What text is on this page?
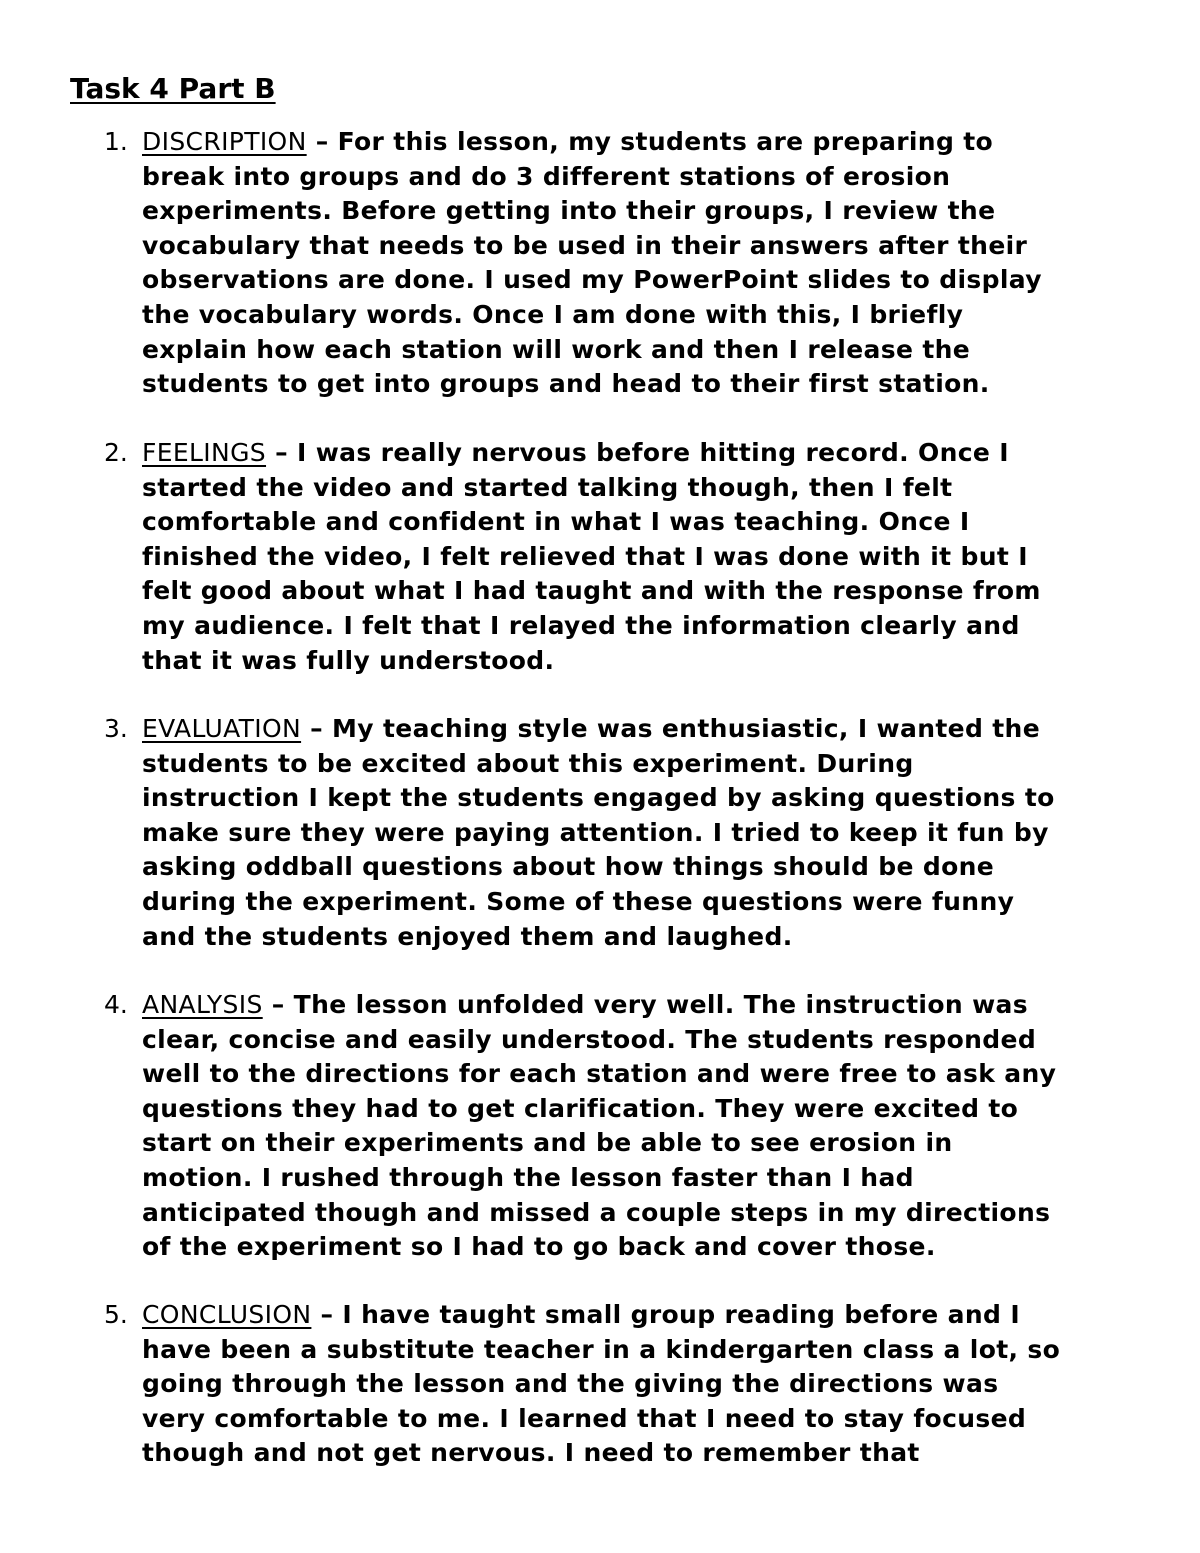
Task 4 Part B
1. DISCRIPTION – For this lesson, my students are preparing to
break into groups and do 3 different stations of erosion
experiments. Before getting into their groups, I review the
vocabulary that needs to be used in their answers after their
observations are done. I used my PowerPoint slides to display
the vocabulary words. Once I am done with this, I briefly
explain how each station will work and then I release the
students to get into groups and head to their first station.

2. FEELINGS – I was really nervous before hitting record. Once I
started the video and started talking though, then I felt
comfortable and confident in what I was teaching. Once I
finished the video, I felt relieved that I was done with it but I
felt good about what I had taught and with the response from
my audience. I felt that I relayed the information clearly and
that it was fully understood.

3. EVALUATION – My teaching style was enthusiastic, I wanted the
students to be excited about this experiment. During
instruction I kept the students engaged by asking questions to
make sure they were paying attention. I tried to keep it fun by
asking oddball questions about how things should be done
during the experiment. Some of these questions were funny
and the students enjoyed them and laughed.

4. ANALYSIS – The lesson unfolded very well. The instruction was
clear, concise and easily understood. The students responded
well to the directions for each station and were free to ask any
questions they had to get clarification. They were excited to
start on their experiments and be able to see erosion in
motion. I rushed through the lesson faster than I had
anticipated though and missed a couple steps in my directions
of the experiment so I had to go back and cover those.

5. CONCLUSION – I have taught small group reading before and I
have been a substitute teacher in a kindergarten class a lot, so
going through the lesson and the giving the directions was
very comfortable to me. I learned that I need to stay focused
though and not get nervous. I need to remember that
